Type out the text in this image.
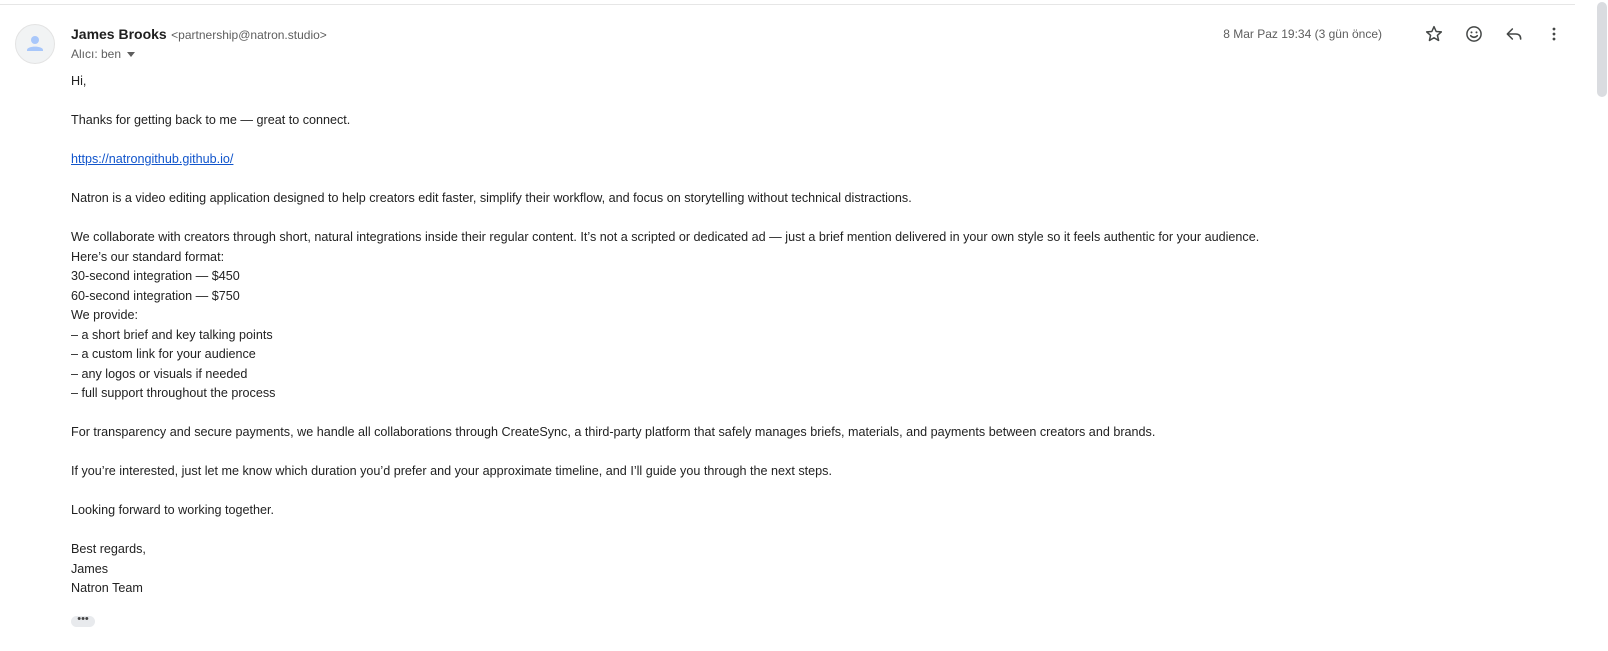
James Brooks <partnership@natron.studio>
Alıcı: ben
8 Mar Paz 19:34 (3 gün önce)

Hi,

Thanks for getting back to me — great to connect.

https://natrongithub.github.io/

Natron is a video editing application designed to help creators edit faster, simplify their workflow, and focus on storytelling without technical distractions.

We collaborate with creators through short, natural integrations inside their regular content. It’s not a scripted or dedicated ad — just a brief mention delivered in your own style so it feels authentic for your audience.
Here’s our standard format:
30-second integration — $450
60-second integration — $750
We provide:
– a short brief and key talking points
– a custom link for your audience
– any logos or visuals if needed
– full support throughout the process

For transparency and secure payments, we handle all collaborations through CreateSync, a third-party platform that safely manages briefs, materials, and payments between creators and brands.

If you’re interested, just let me know which duration you’d prefer and your approximate timeline, and I’ll guide you through the next steps.

Looking forward to working together.

Best regards,
James
Natron Team

•••
